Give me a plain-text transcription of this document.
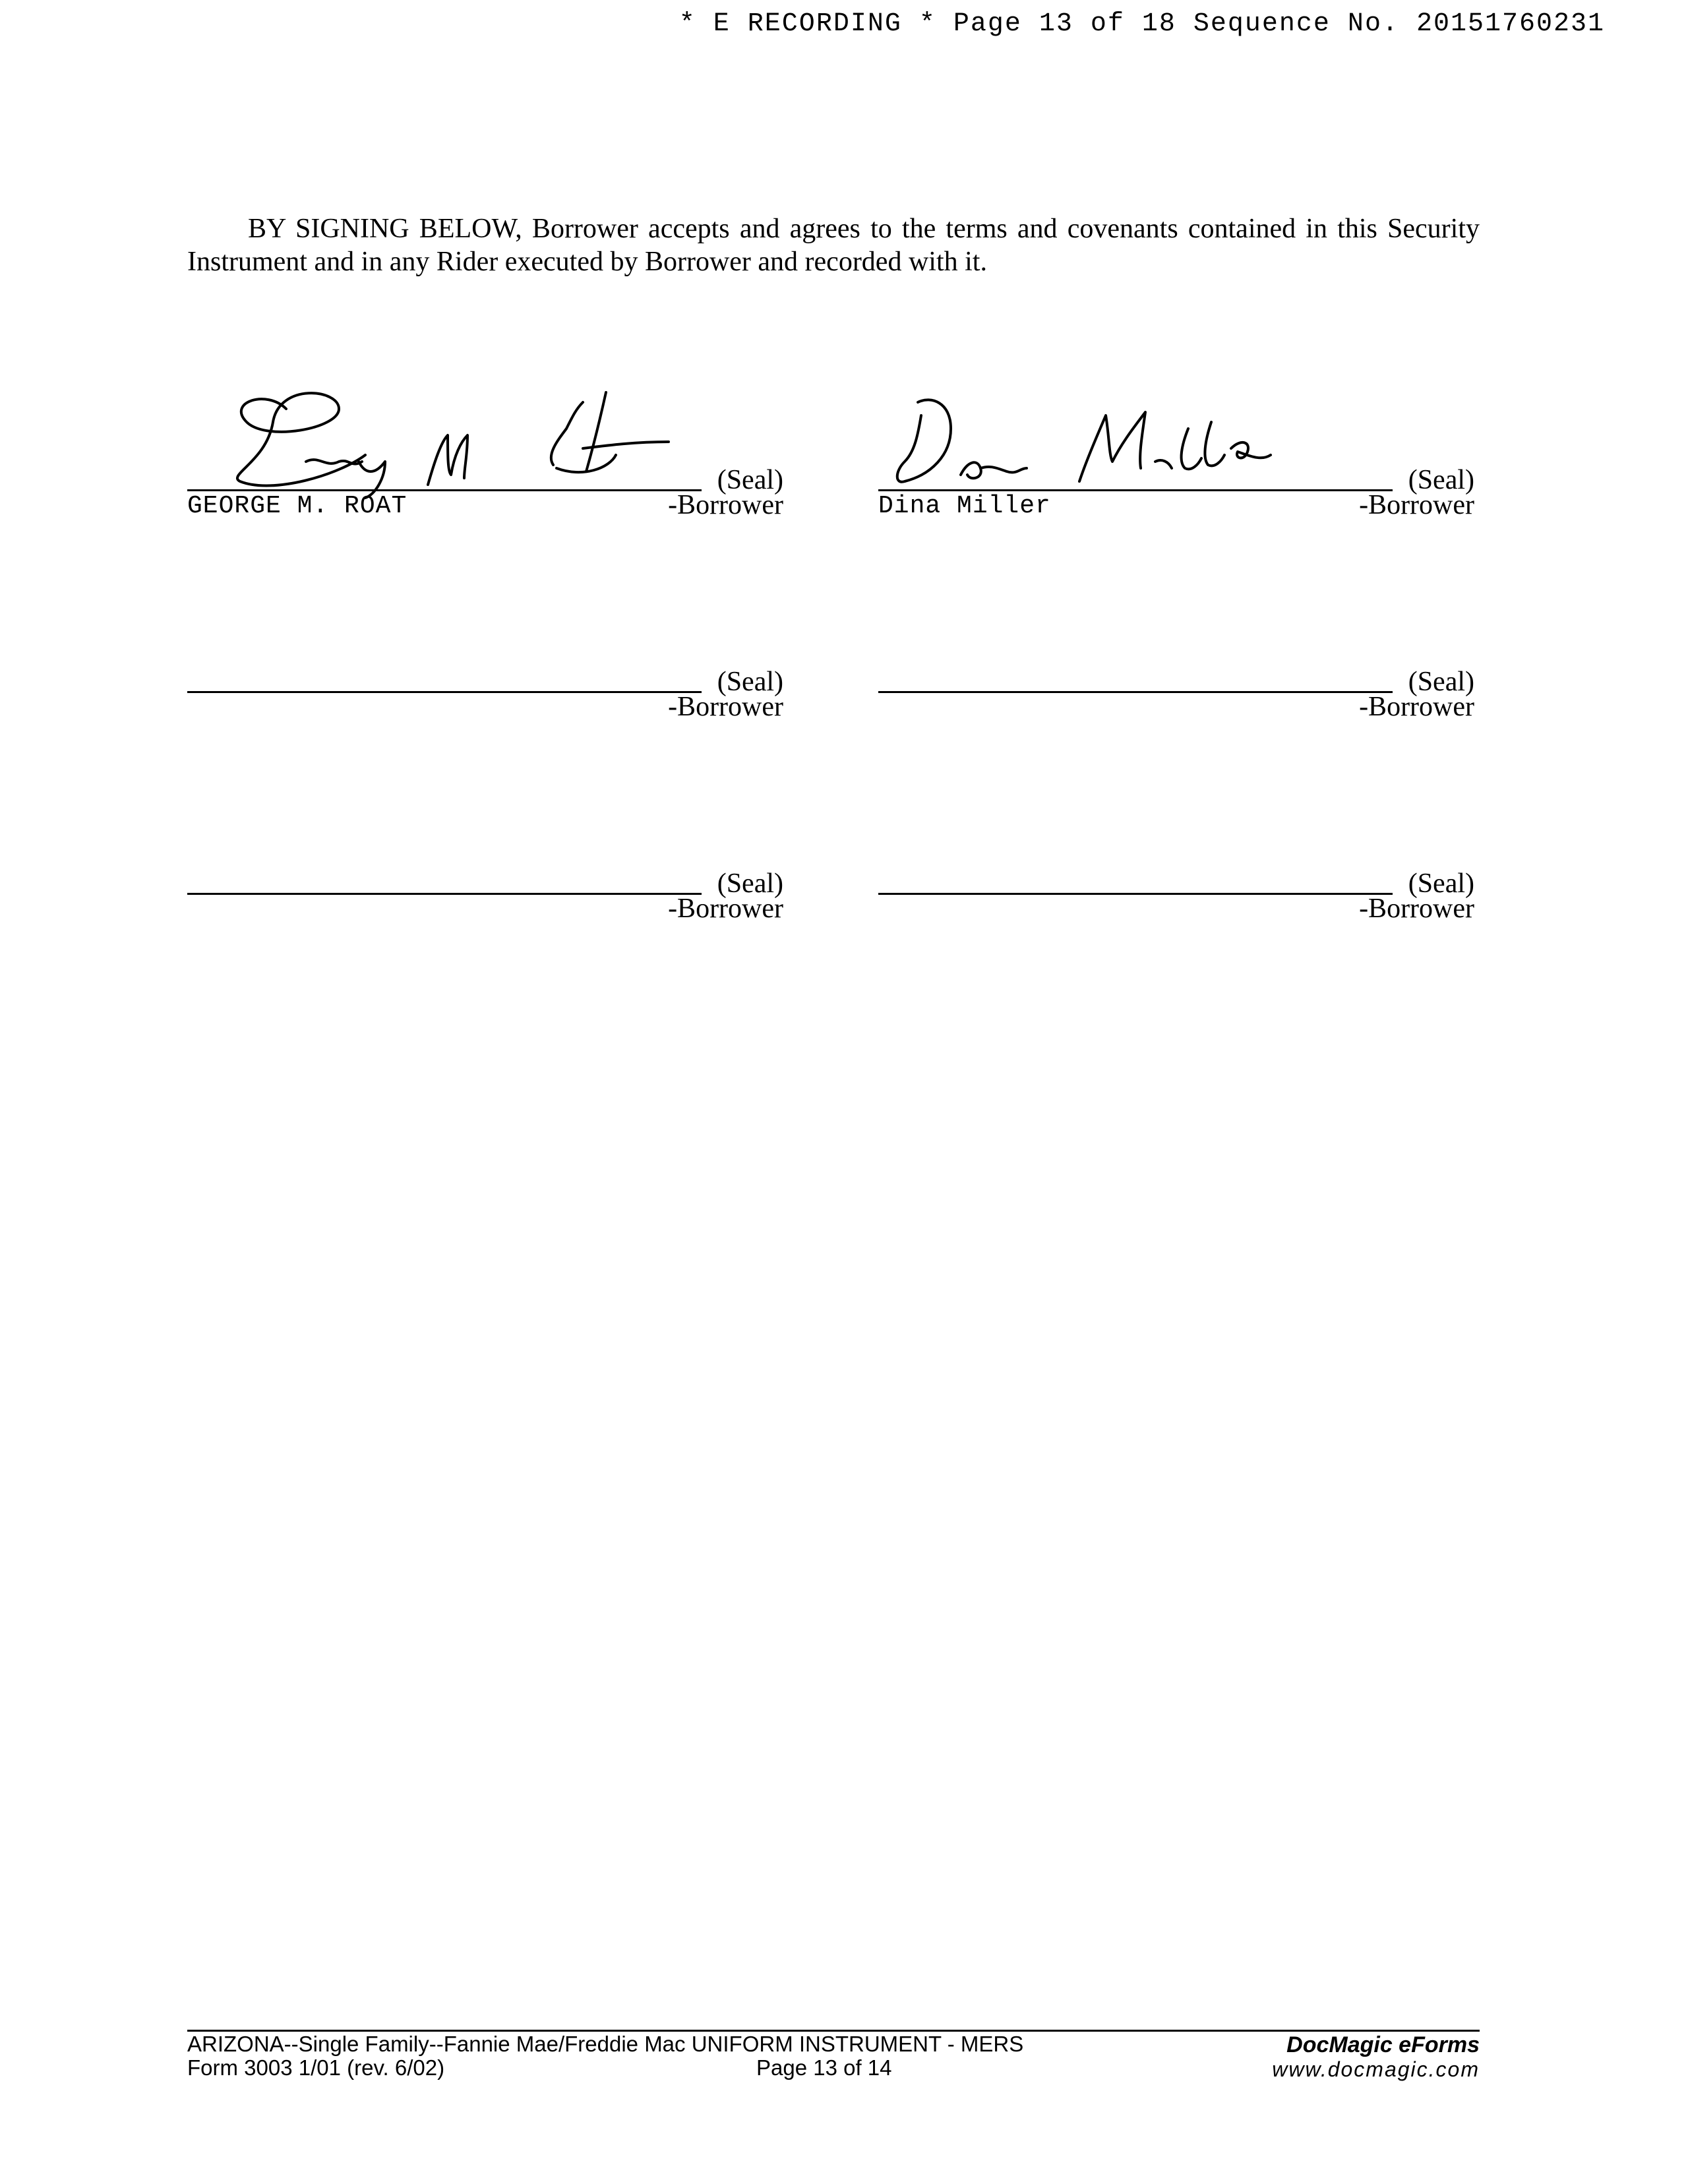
* E RECORDING * Page 13 of 18 Sequence No. 20151760231
BY SIGNING BELOW, Borrower accepts and agrees to the terms and covenants contained in this Security Instrument and in any Rider executed by Borrower and recorded with it.
(Seal)
-Borrower
GEORGE M. ROAT
(Seal)
-Borrower
Dina Miller
(Seal)
-Borrower
(Seal)
-Borrower
(Seal)
-Borrower
(Seal)
-Borrower
ARIZONA--Single Family--Fannie Mae/Freddie Mac UNIFORM INSTRUMENT - MERS
Form 3003 1/01 (rev. 6/02)	Page 13 of 14
DocMagic eForms
www.docmagic.com
